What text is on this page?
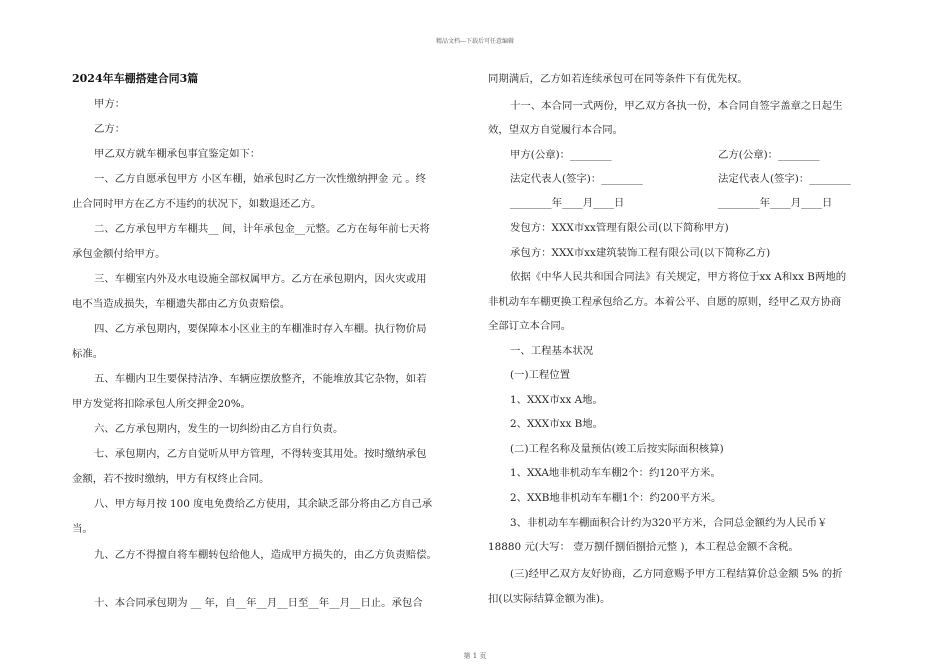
精品文档---下载后可任意编辑
2024年车棚搭建合同3篇
甲方：
乙方：
甲乙双方就车棚承包事宜鉴定如下：
一、乙方自愿承包甲方 小区车棚，始承包时乙方一次性缴纳押金 元 。终
止合同时甲方在乙方不违约的状况下，如数退还乙方。
二、乙方承包甲方车棚共__ 间，计年承包金__元整。乙方在每年前七天将
承包金额付给甲方。
三、车棚室内外及水电设施全部权属甲方。乙方在承包期内，因火灾或用
电不当造成损失，车棚遗失都由乙方负责赔偿。
四、乙方承包期内，要保障本小区业主的车棚准时存入车棚。执行物价局
标准。
五、车棚内卫生要保持洁净、车辆应摆放整齐，不能堆放其它杂物，如若
甲方发觉将扣除承包人所交押金20%。
六、乙方承包期内，发生的一切纠纷由乙方自行负责。
七、承包期内，乙方自觉听从甲方管理，不得转变其用处。按时缴纳承包
金额，若不按时缴纳，甲方有权终止合同。
八、甲方每月按 100 度电免费给乙方使用，其余缺乏部分将由乙方自己承
当。
九、乙方不得擅自将车棚转包给他人，造成甲方损失的，由乙方负责赔偿。
十、本合同承包期为 __ 年，自__年__月__日至__年__月__日止。承包合
同期满后，乙方如若连续承包可在同等条件下有优先权。
十一、本合同一式两份，甲乙双方各执一份，本合同自签字盖章之日起生
效，望双方自觉履行本合同。
甲方(公章)：________	乙方(公章)：________
法定代表人(签字)：________	法定代表人(签字)：________
________年____月____日	________年____月____日
发包方：XXX市xx管理有限公司(以下简称甲方)
承包方：XXX市xx建筑装饰工程有限公司(以下简称乙方)
依据《中华人民共和国合同法》有关规定，甲方将位于xx A和xx B两地的
非机动车车棚更换工程承包给乙方。本着公平、自愿的原则，经甲乙双方协商
全部订立本合同。
一、工程基本状况
(一)工程位置
1、XXX市xx A地。
2、XXX市xx B地。
(二)工程名称及量预估(竣工后按实际面积核算)
1、XXA地非机动车车棚2个：约120平方米。
2、XXB地非机动车车棚1个：约200平方米。
3、非机动车车棚面积合计约为320平方米，合同总金额约为人民币￥
18880 元(大写： 壹万捌仟捌佰捌拾元整 )，本工程总金额不含税。
(三)经甲乙双方友好协商，乙方同意赐予甲方工程结算价总金额 5% 的折
扣(以实际结算金额为准)。
第 1 页
